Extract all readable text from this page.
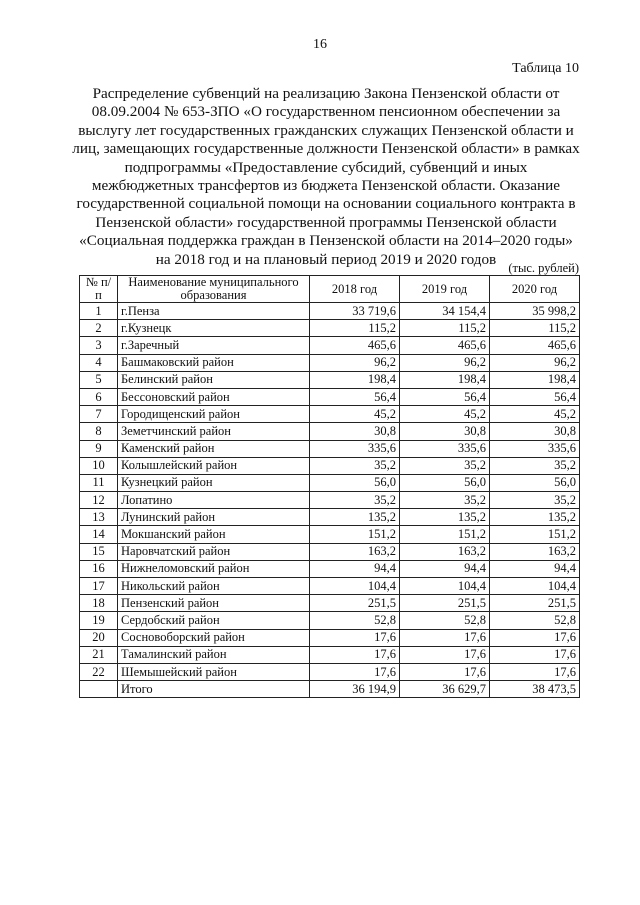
16
Таблица 10
Распределение субвенций на реализацию Закона Пензенской области от 08.09.2004 № 653-ЗПО «О государственном пенсионном обеспечении за выслугу лет государственных гражданских служащих Пензенской области и лиц, замещающих государственные должности Пензенской области» в рамках подпрограммы «Предоставление субсидий, субвенций и иных межбюджетных трансфертов из бюджета Пензенской области. Оказание государственной социальной помощи на основании социального контракта в Пензенской области» государственной программы Пензенской области «Социальная поддержка граждан в Пензенской области на 2014–2020 годы» на 2018 год и на плановый период 2019 и 2020 годов
(тыс. рублей)
№ п/п	Наименование муниципального образования	2018 год	2019 год	2020 год
1	г.Пенза	33 719,6	34 154,4	35 998,2
2	г.Кузнецк	115,2	115,2	115,2
3	г.Заречный	465,6	465,6	465,6
4	Башмаковский район	96,2	96,2	96,2
5	Белинский район	198,4	198,4	198,4
6	Бессоновский район	56,4	56,4	56,4
7	Городищенский район	45,2	45,2	45,2
8	Земетчинский район	30,8	30,8	30,8
9	Каменский район	335,6	335,6	335,6
10	Колышлейский район	35,2	35,2	35,2
11	Кузнецкий район	56,0	56,0	56,0
12	Лопатино	35,2	35,2	35,2
13	Лунинский район	135,2	135,2	135,2
14	Мокшанский район	151,2	151,2	151,2
15	Наровчатский район	163,2	163,2	163,2
16	Нижнеломовский район	94,4	94,4	94,4
17	Никольский район	104,4	104,4	104,4
18	Пензенский район	251,5	251,5	251,5
19	Сердобский район	52,8	52,8	52,8
20	Сосновоборский район	17,6	17,6	17,6
21	Тамалинский район	17,6	17,6	17,6
22	Шемышейский район	17,6	17,6	17,6
	Итого	36 194,9	36 629,7	38 473,5
